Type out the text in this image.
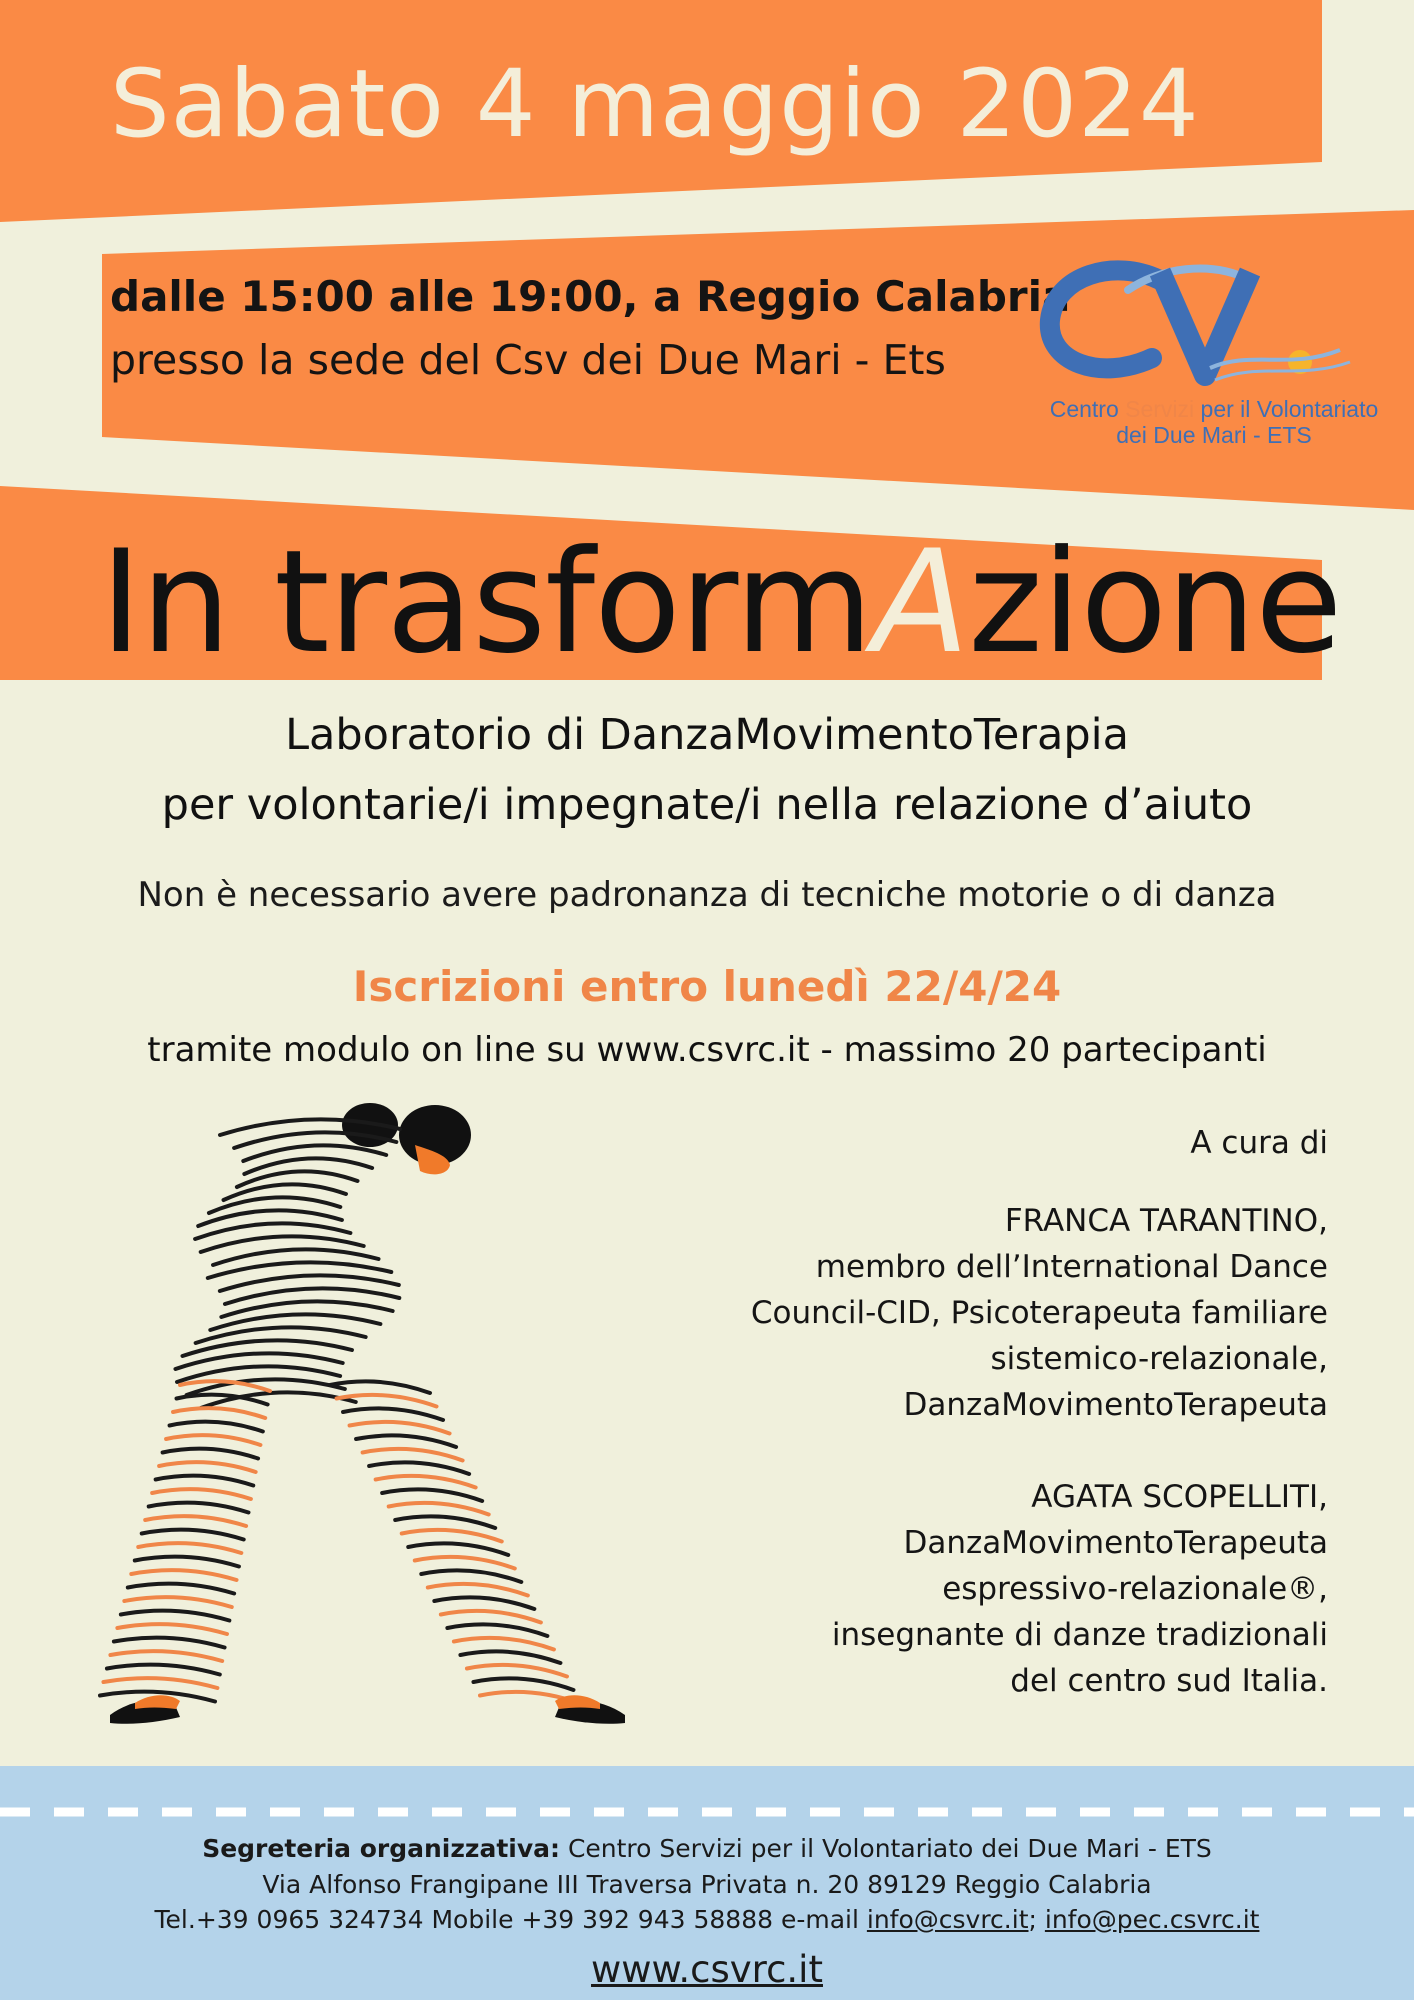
Sabato 4 maggio 2024
dalle 15:00 alle 19:00, a Reggio Calabria
presso la sede del Csv dei Due Mari - Ets
Centro Servizi per il Volontariato
dei Due Mari - ETS
In trasformAzione
Laboratorio di DanzaMovimentoTerapia
per volontarie/i impegnate/i nella relazione d’aiuto
Non è necessario avere padronanza di tecniche motorie o di danza
Iscrizioni entro lunedì 22/4/24
tramite modulo on line su www.csvrc.it - massimo 20 partecipanti
A cura di
FRANCA TARANTINO,
membro dell’International Dance
Council-CID, Psicoterapeuta familiare
sistemico-relazionale,
DanzaMovimentoTerapeuta
AGATA SCOPELLITI,
DanzaMovimentoTerapeuta
espressivo-relazionale®,
insegnante di danze tradizionali
del centro sud Italia.
Segreteria organizzativa: Centro Servizi per il Volontariato dei Due Mari - ETS
Via Alfonso Frangipane III Traversa Privata n. 20 89129 Reggio Calabria
Tel.+39 0965 324734 Mobile +39 392 943 58888 e-mail info@csvrc.it; info@pec.csvrc.it
www.csvrc.it
